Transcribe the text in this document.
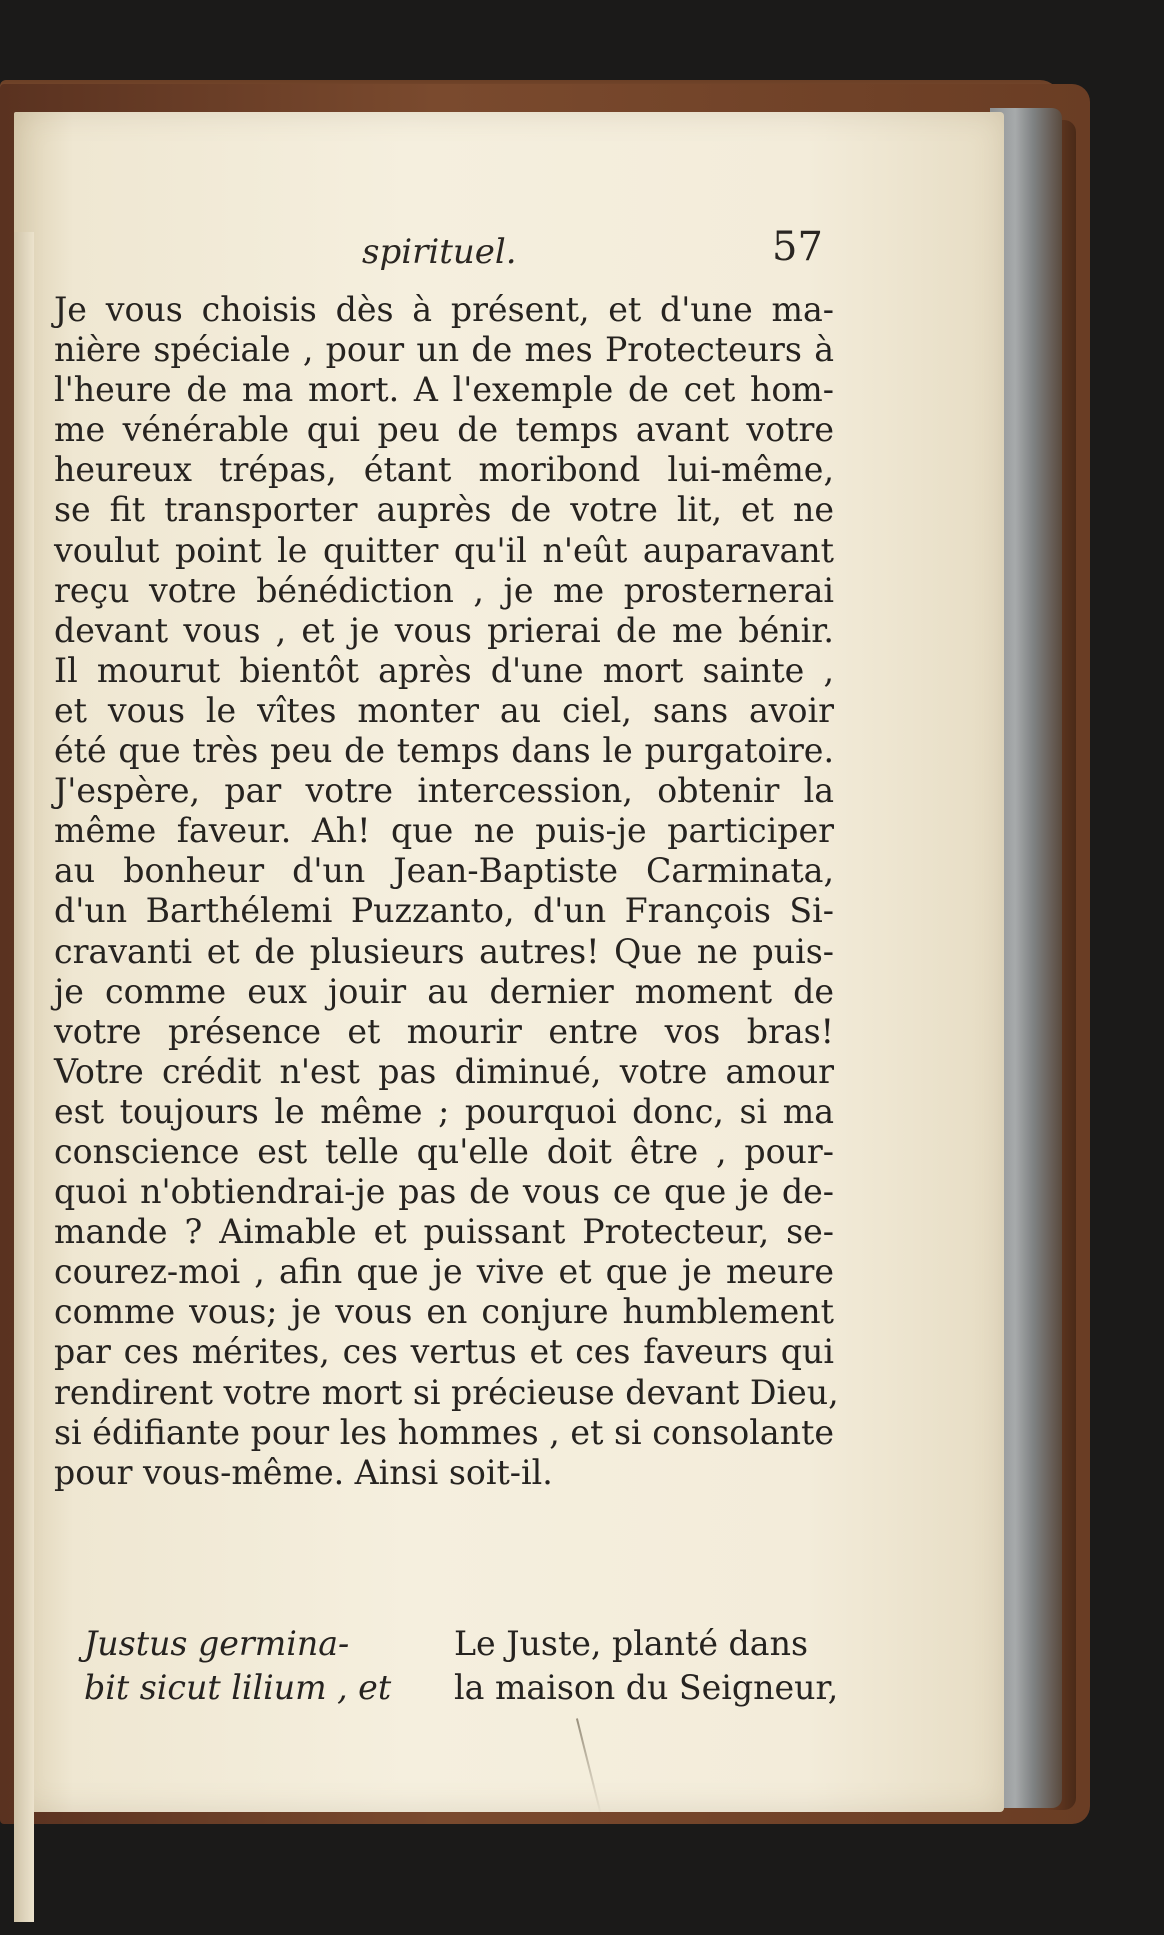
spirituel.	57
Je vous choisis dès à présent, et d'une ma-
nière spéciale , pour un de mes Protecteurs à
l'heure de ma mort. A l'exemple de cet hom-
me vénérable qui peu de temps avant votre
heureux trépas, étant moribond lui-même,
se fit transporter auprès de votre lit, et ne
voulut point le quitter qu'il n'eût auparavant
reçu votre bénédiction , je me prosternerai
devant vous , et je vous prierai de me bénir.
Il mourut bientôt après d'une mort sainte ,
et vous le vîtes monter au ciel, sans avoir
été que très peu de temps dans le purgatoire.
J'espère, par votre intercession, obtenir la
même faveur. Ah! que ne puis-je participer
au bonheur d'un Jean-Baptiste Carminata,
d'un Barthélemi Puzzanto, d'un François Si-
cravanti et de plusieurs autres! Que ne puis-
je comme eux jouir au dernier moment de
votre présence et mourir entre vos bras!
Votre crédit n'est pas diminué, votre amour
est toujours le même ; pourquoi donc, si ma
conscience est telle qu'elle doit être , pour-
quoi n'obtiendrai-je pas de vous ce que je de-
mande ? Aimable et puissant Protecteur, se-
courez-moi , afin que je vive et que je meure
comme vous; je vous en conjure humblement
par ces mérites, ces vertus et ces faveurs qui
rendirent votre mort si précieuse devant Dieu,
si édifiante pour les hommes , et si consolante
pour vous-même. Ainsi soit-il.
Justus germina-
bit sicut lilium , et
Le Juste, planté dans
la maison du Seigneur,
